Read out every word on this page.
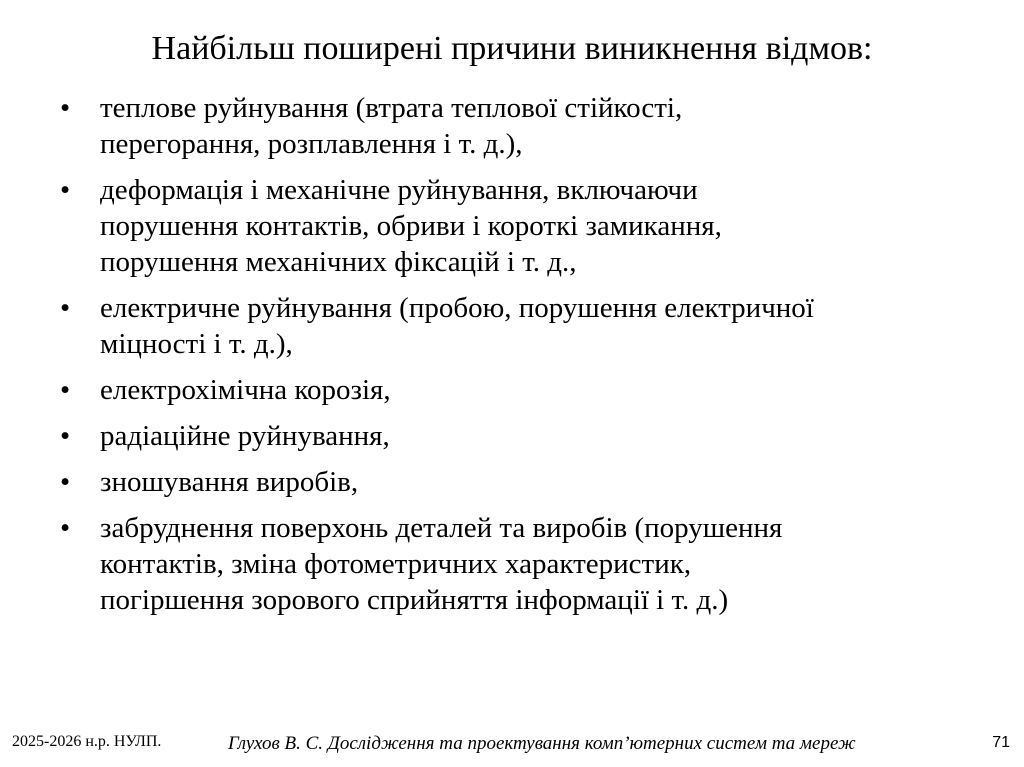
Найбільш поширені причини виникнення відмов:
•	теплове руйнування (втрата теплової стійкості,
перегорання, розплавлення і т. д.),
•	деформація і механічне руйнування, включаючи
порушення контактів, обриви і короткі замикання,
порушення механічних фіксацій і т. д.,
•	електричне руйнування (пробою, порушення електричної
міцності і т. д.),
•	електрохімічна корозія,
•	радіаційне руйнування,
•	зношування виробів,
•	забруднення поверхонь деталей та виробів (порушення
контактів, зміна фотометричних характеристик,
погіршення зорового сприйняття інформації і т. д.)
2025-2026 н.р. НУЛП.	Глухов В. С. Дослідження та проектування комп’ютерних систем та мереж	71
